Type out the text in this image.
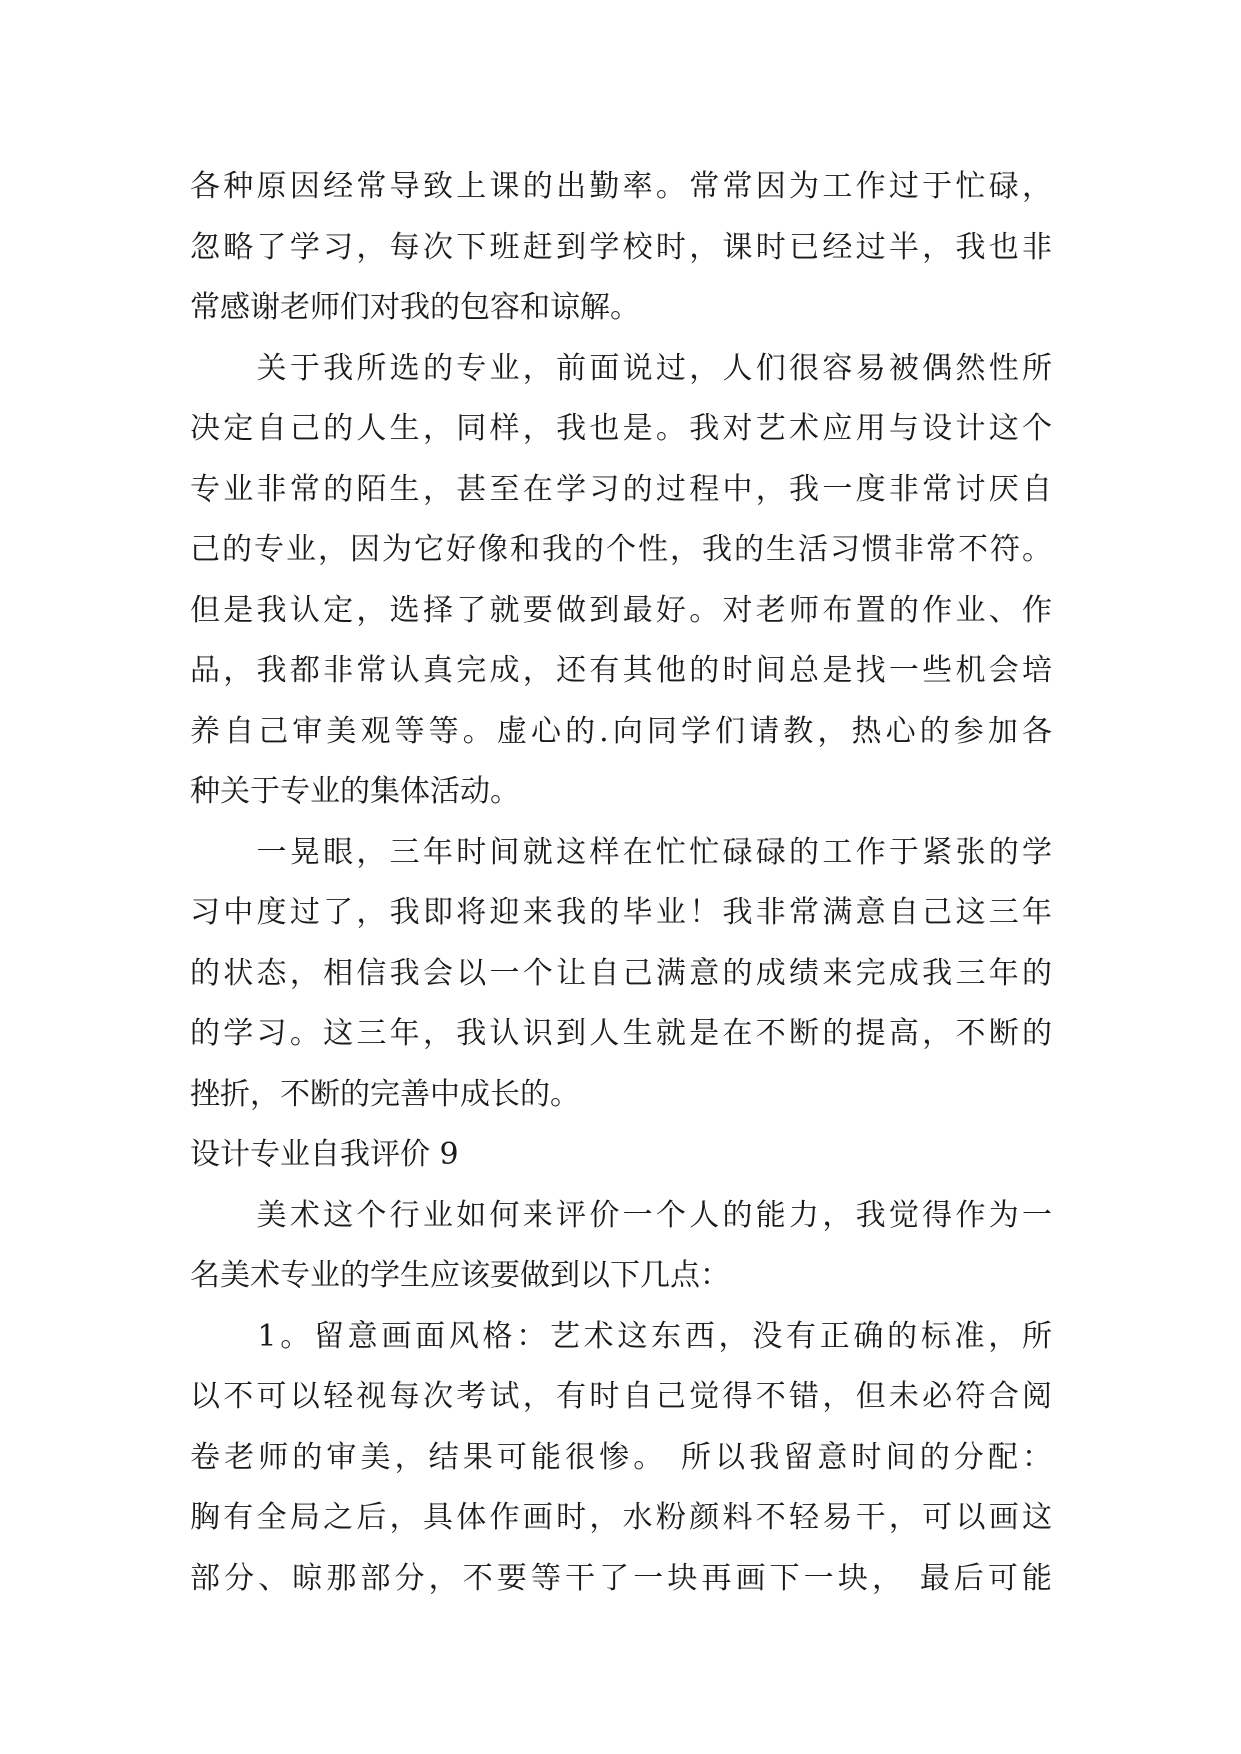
各种原因经常导致上课的出勤率。常常因为工作过于忙碌，
忽略了学习，每次下班赶到学校时，课时已经过半，我也非
常感谢老师们对我的包容和谅解。
　　关于我所选的专业，前面说过，人们很容易被偶然性所
决定自己的人生，同样，我也是。我对艺术应用与设计这个
专业非常的陌生，甚至在学习的过程中，我一度非常讨厌自
己的专业，因为它好像和我的个性，我的生活习惯非常不符。
但是我认定，选择了就要做到最好。对老师布置的作业、作
品，我都非常认真完成，还有其他的时间总是找一些机会培
养自己审美观等等。虚心的.向同学们请教，热心的参加各
种关于专业的集体活动。
　　一晃眼，三年时间就这样在忙忙碌碌的工作于紧张的学
习中度过了，我即将迎来我的毕业！我非常满意自己这三年
的状态，相信我会以一个让自己满意的成绩来完成我三年的
的学习。这三年，我认识到人生就是在不断的提高，不断的
挫折，不断的完善中成长的。
设计专业自我评价 9
　　美术这个行业如何来评价一个人的能力，我觉得作为一
名美术专业的学生应该要做到以下几点：
　　1。留意画面风格：艺术这东西，没有正确的标准，所
以不可以轻视每次考试，有时自己觉得不错，但未必符合阅
卷老师的审美，结果可能很惨。 所以我留意时间的分配：
胸有全局之后，具体作画时，水粉颜料不轻易干，可以画这
部分、晾那部分，不要等干了一块再画下一块， 最后可能
